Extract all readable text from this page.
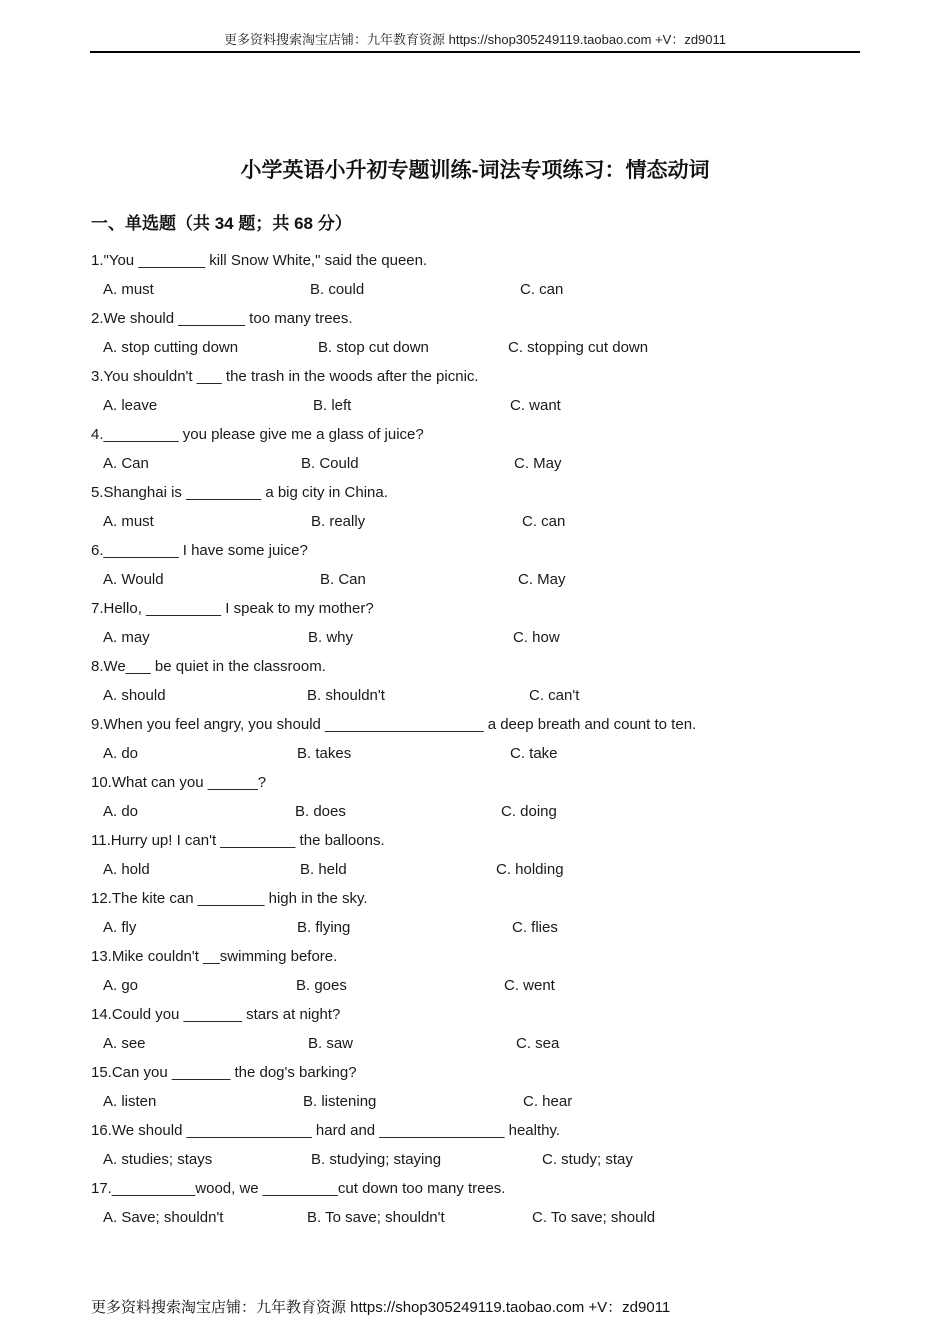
更多资料搜索淘宝店铺：九年教育资源 https://shop305249119.taobao.com +V：zd9011
小学英语小升初专题训练-词法专项练习：情态动词
一、单选题（共 34 题；共 68 分）
1."You ________ kill Snow White," said the queen.
A. must	B. could	C. can
2.We should ________ too many trees.
A. stop cutting down	B. stop cut down	C. stopping cut down
3.You shouldn't ___ the trash in the woods after the picnic.
A. leave	B. left	C. want
4._________ you please give me a glass of juice?
A. Can	B. Could	C. May
5.Shanghai is _________ a big city in China.
A. must	B. really	C. can
6._________ I have some juice?
A. Would	B. Can	C. May
7.Hello, _________ I speak to my mother?
A. may	B. why	C. how
8.We___ be quiet in the classroom.
A. should	B. shouldn't	C. can't
9.When you feel angry, you should ___________________ a deep breath and count to ten.
A. do	B. takes	C. take
10.What can you ______?
A. do	B. does	C. doing
11.Hurry up! I can't _________ the balloons.
A. hold	B. held	C. holding
12.The kite can ________ high in the sky.
A. fly	B. flying	C. flies
13.Mike couldn't __swimming before.
A. go	B. goes	C. went
14.Could you _______ stars at night?
A. see	B. saw	C. sea
15.Can you _______ the dog's barking?
A. listen	B. listening	C. hear
16.We should _______________ hard and _______________ healthy.
A. studies; stays	B. studying; staying	C. study; stay
17.__________wood, we _________cut down too many trees.
A. Save; shouldn't	B. To save; shouldn't	C. To save; should
更多资料搜索淘宝店铺：九年教育资源 https://shop305249119.taobao.com +V：zd9011
